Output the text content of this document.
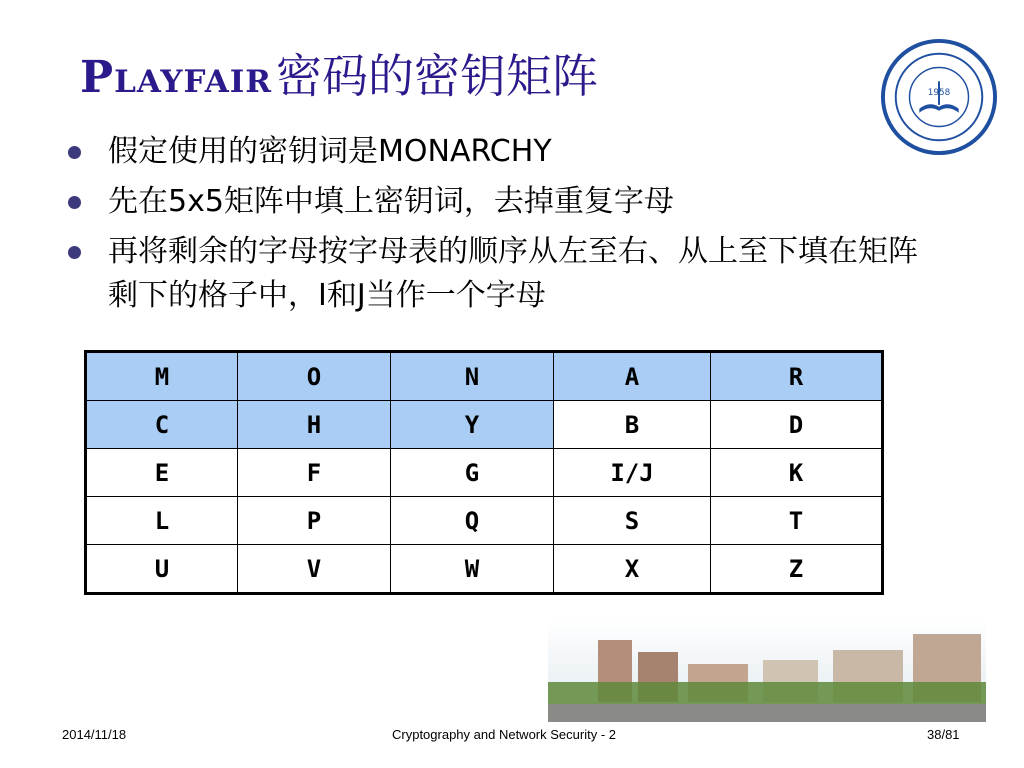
Playfair 密码的密钥矩阵	1958
假定使用的密钥词是MONARCHY
先在5x5矩阵中填上密钥词，去掉重复字母
再将剩余的字母按字母表的顺序从左至右、从上至下填在矩阵剩下的格子中，I和J当作一个字母
M	O	N	A	R
C	H	Y	B	D
E	F	G	I/J	K
L	P	Q	S	T
U	V	W	X	Z
2014/11/18	Cryptography and Network Security - 2	38/81
